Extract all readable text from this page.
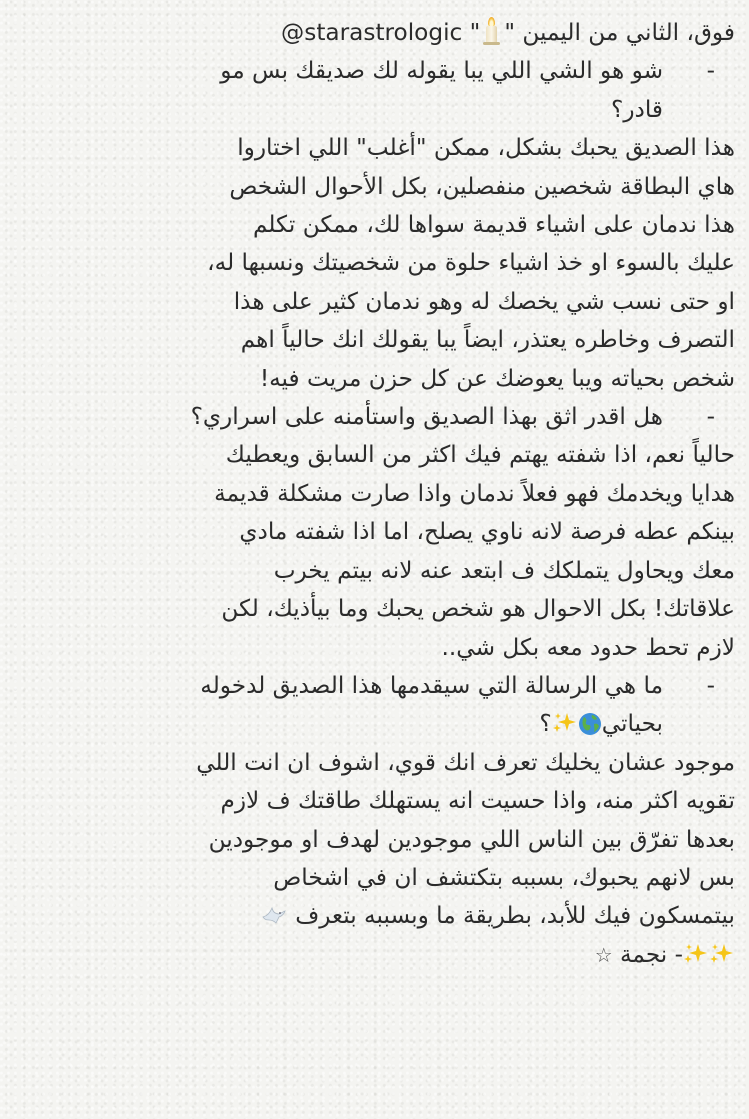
فوق، الثاني من اليمين "
" @starastrologic
-شو هو الشي اللي يبا يقوله لك صديقك بس مو
قادر؟
هذا الصديق يحبك بشكل، ممكن "أغلب" اللي اختاروا
هاي البطاقة شخصين منفصلين، بكل الأحوال الشخص
هذا ندمان على اشياء قديمة سواها لك، ممكن تكلم
عليك بالسوء او خذ اشياء حلوة من شخصيتك ونسبها له،
او حتى نسب شي يخصك له وهو ندمان كثير على هذا
التصرف وخاطره يعتذر، ايضاً يبا يقولك انك حالياً اهم
شخص بحياته ويبا يعوضك عن كل حزن مريت فيه!
-هل اقدر اثق بهذا الصديق واستأمنه على اسراري؟
حالياً نعم، اذا شفته يهتم فيك اكثر من السابق ويعطيك
هدايا ويخدمك فهو فعلاً ندمان واذا صارت مشكلة قديمة
بينكم عطه فرصة لانه ناوي يصلح، اما اذا شفته مادي
معك ويحاول يتملكك ف ابتعد عنه لانه بيتم يخرب
علاقاتك! بكل الاحوال هو شخص يحبك وما بيأذيك، لكن
لازم تحط حدود معه بكل شي..
-ما هي الرسالة التي سيقدمها هذا الصديق لدخوله
بحياتي؟
موجود عشان يخليك تعرف انك قوي، اشوف ان انت اللي
تقويه اكثر منه، واذا حسيت انه يستهلك طاقتك ف لازم
بعدها تفرّق بين الناس اللي موجودين لهدف او موجودين
بس لانهم يحبوك، بسببه بتكتشف ان في اشخاص
بيتمسكون فيك للأبد، بطريقة ما وبسببه بتعرف
- نجمة ☆
